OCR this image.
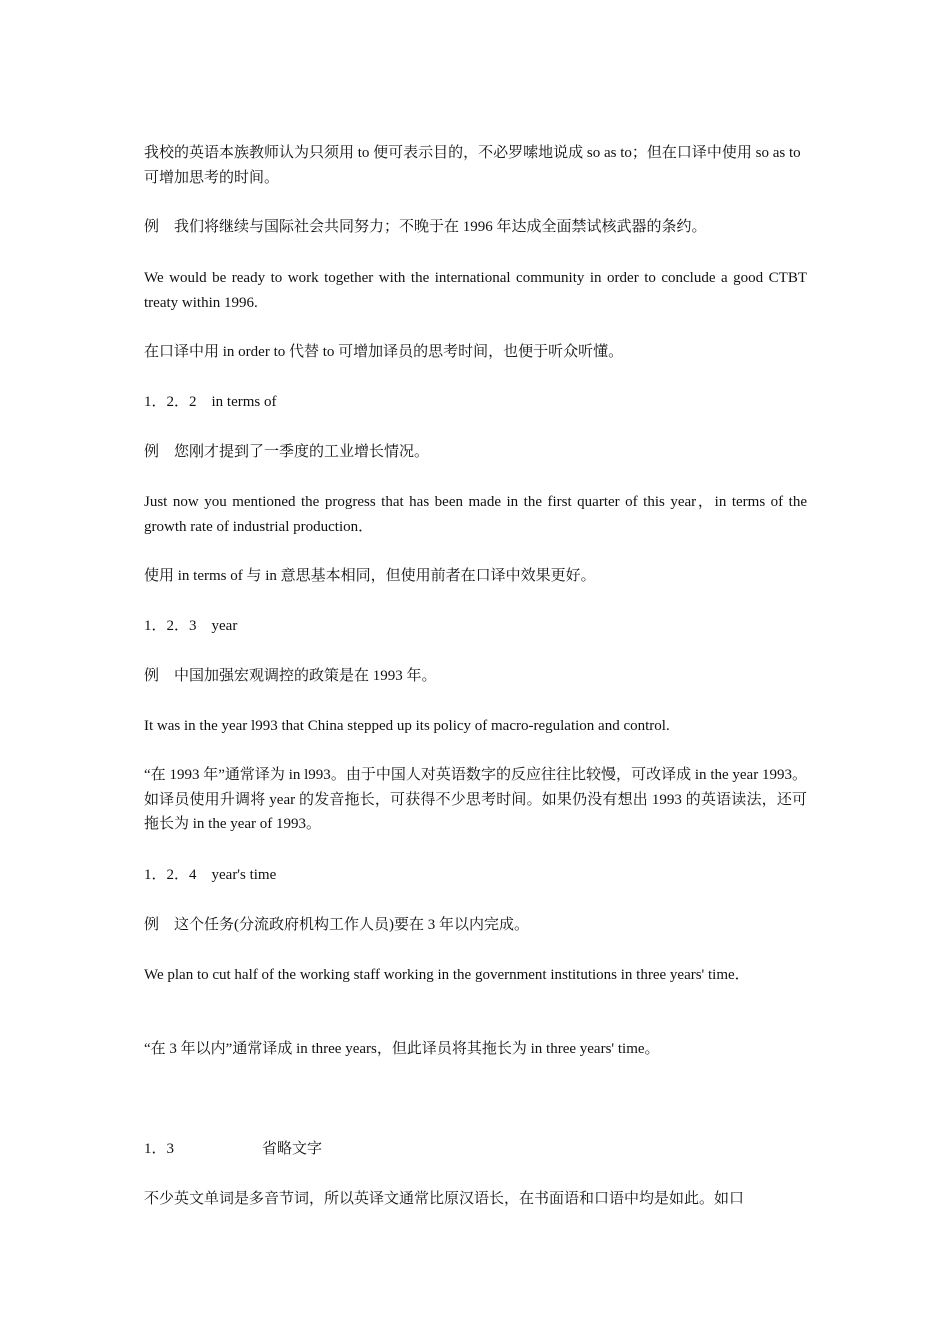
我校的英语本族教师认为只须用 to 便可表示目的，不必罗嗦地说成 so as to；但在口译中使用 so as to 可增加思考的时间。

例　我们将继续与国际社会共同努力；不晚于在 1996 年达成全面禁试核武器的条约。

We would be ready to work together with the international community in order to conclude a good CTBT treaty within 1996.

在口译中用 in order to 代替 to 可增加译员的思考时间，也便于听众听懂。

1．2．2　in terms of

例　您刚才提到了一季度的工业增长情况。

Just now you mentioned the progress that has been made in the first quarter of this year，in terms of the growth rate of industrial production．

使用 in terms of 与 in 意思基本相同，但使用前者在口译中效果更好。

1．2．3　year

例　中国加强宏观调控的政策是在 1993 年。

It was in the year l993 that China stepped up its policy of macro-regulation and control.

“在 1993 年”通常译为 in l993。由于中国人对英语数字的反应往往比较慢，可改译成 in the year 1993。如译员使用升调将 year 的发音拖长，可获得不少思考时间。如果仍没有想出 1993 的英语读法，还可拖长为 in the year of 1993。

1．2．4　year's time

例　这个任务(分流政府机构工作人员)要在 3 年以内完成。

We plan to cut half of the working staff working in the government institutions in three years' time．

“在 3 年以内”通常译成 in three years，但此译员将其拖长为 in three years' time。

1．3	省略文字

不少英文单词是多音节词，所以英译文通常比原汉语长，在书面语和口语中均是如此。如口
